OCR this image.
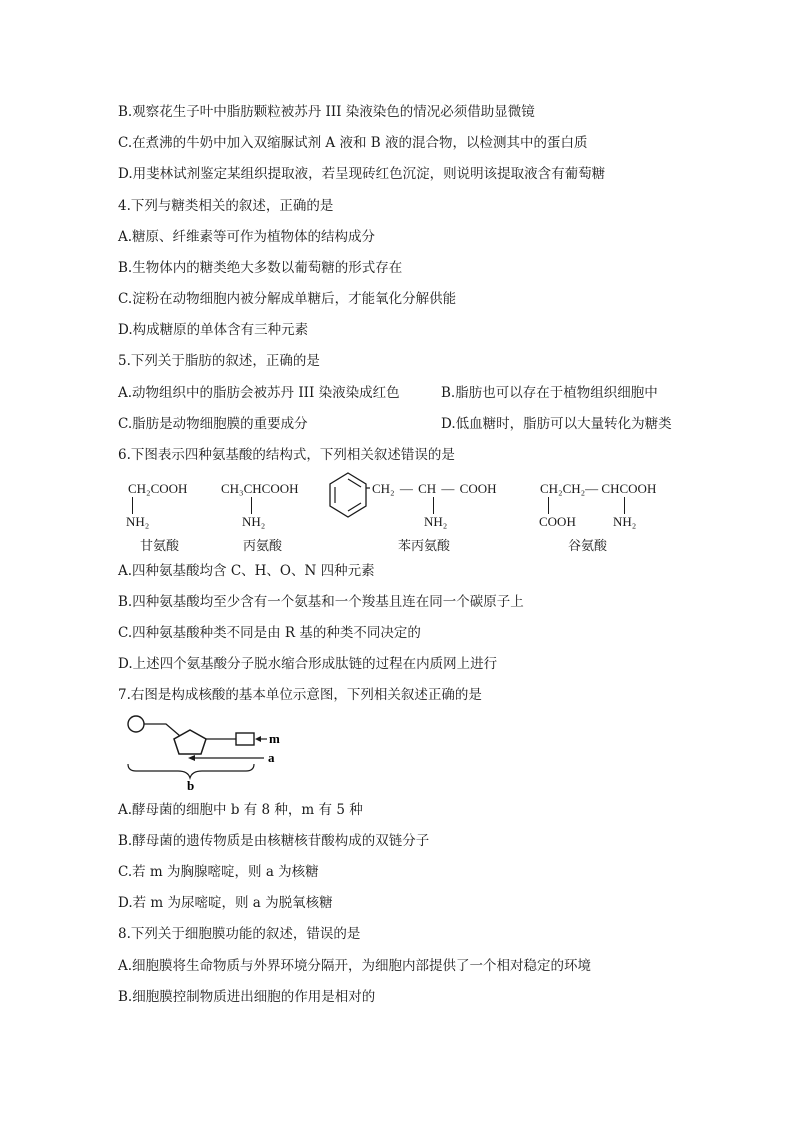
B.观察花生子叶中脂肪颗粒被苏丹 III 染液染色的情况必须借助显微镜
C.在煮沸的牛奶中加入双缩脲试剂 A 液和 B 液的混合物，以检测其中的蛋白质
D.用斐林试剂鉴定某组织提取液，若呈现砖红色沉淀，则说明该提取液含有葡萄糖
4.下列与糖类相关的叙述，正确的是
A.糖原、纤维素等可作为植物体的结构成分
B.生物体内的糖类绝大多数以葡萄糖的形式存在
C.淀粉在动物细胞内被分解成单糖后，才能氧化分解供能
D.构成糖原的单体含有三种元素
5.下列关于脂肪的叙述，正确的是
A.动物组织中的脂肪会被苏丹 III 染液染成红色	B.脂肪也可以存在于植物组织细胞中
C.脂肪是动物细胞膜的重要成分	D.低血糖时，脂肪可以大量转化为糖类
6.下图表示四种氨基酸的结构式，下列相关叙述错误的是
CH₂COOH
NH₂
甘氨酸
CH₃CHCOOH
NH₂
丙氨酸
CH₂ — CH — COOH
NH₂
苯丙氨酸
CH₂CH₂— CHCOOH
COOH	NH₂
谷氨酸
A.四种氨基酸均含 C、H、O、N 四种元素
B.四种氨基酸均至少含有一个氨基和一个羧基且连在同一个碳原子上
C.四种氨基酸种类不同是由 R 基的种类不同决定的
D.上述四个氨基酸分子脱水缩合形成肽链的过程在内质网上进行
7.右图是构成核酸的基本单位示意图，下列相关叙述正确的是
m
a
b
A.酵母菌的细胞中 b 有 8 种，m 有 5 种
B.酵母菌的遗传物质是由核糖核苷酸构成的双链分子
C.若 m 为胸腺嘧啶，则 a 为核糖
D.若 m 为尿嘧啶，则 a 为脱氧核糖
8.下列关于细胞膜功能的叙述，错误的是
A.细胞膜将生命物质与外界环境分隔开，为细胞内部提供了一个相对稳定的环境
B.细胞膜控制物质进出细胞的作用是相对的
